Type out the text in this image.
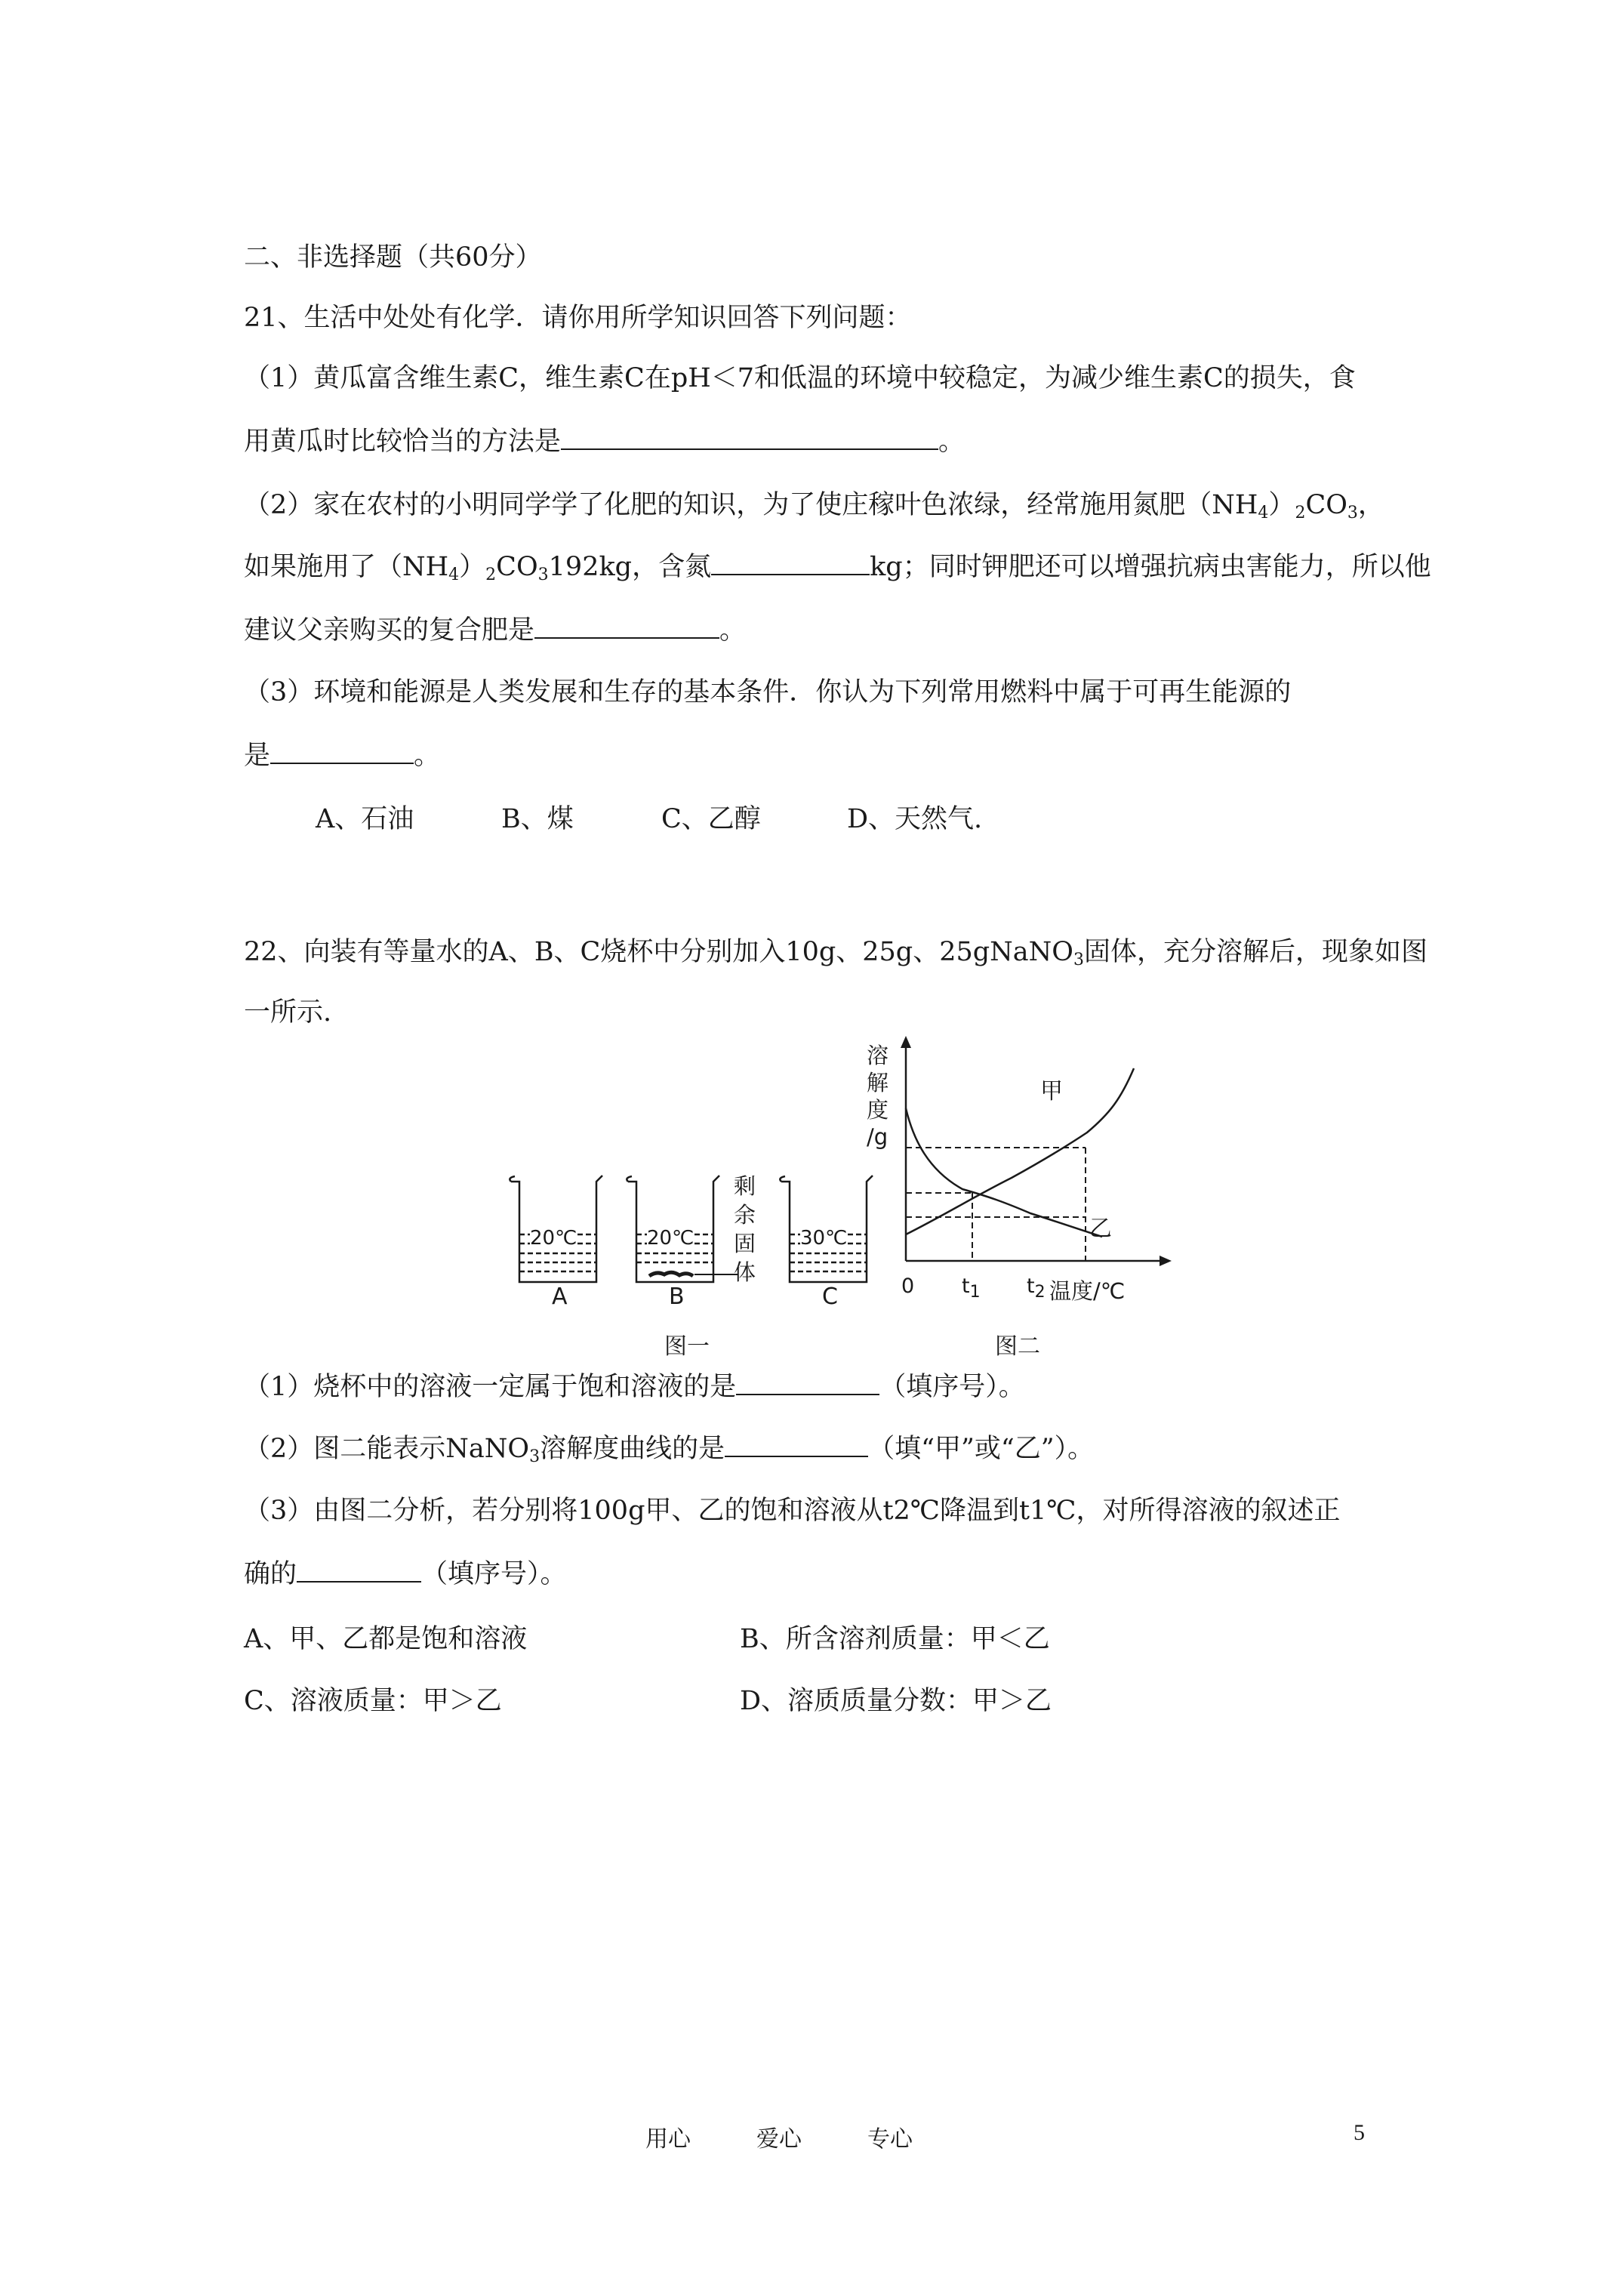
二、非选择题（共60分）
21、生活中处处有化学．请你用所学知识回答下列问题：
（1）黄瓜富含维生素C，维生素C在pH＜7和低温的环境中较稳定，为减少维生素C的损失，食
用黄瓜时比较恰当的方法是	。
（2）家在农村的小明同学学了化肥的知识，为了使庄稼叶色浓绿，经常施用氮肥$(NH_4)_2CO_3$，
如果施用了$(NH_4)_2CO_3192kg$，含氮	kg；同时钾肥还可以增强抗病虫害能力，所以他
建议父亲购买的复合肥是	。
（3）环境和能源是人类发展和生存的基本条件．你认为下列常用燃料中属于可再生能源的
是	。
A、石油	B、煤	C、乙醇	D、天然气.
22、向装有等量水的A、B、C烧杯中分别加入10g、25g、25gNaNO$_3$固体，充分溶解后，现象如图
一所示.
20℃	20℃	30℃
A	B	C
剩
余
固
体
图一
溶
解
度
/g
甲
乙
0 $t_1$ $t_2$ 温度/℃
图二
（1）烧杯中的溶液一定属于饱和溶液的是	（填序号）。
（2）图二能表示NaNO$_3$溶解度曲线的是	（填“甲”或“乙”）。
（3）由图二分析，若分别将100g甲、乙的饱和溶液从t2℃降温到t1℃，对所得溶液的叙述正
确的	（填序号）。
A、甲、乙都是饱和溶液	B、所含溶剂质量：甲＜乙
C、溶液质量：甲＞乙	D、溶质质量分数：甲＞乙
用心	爱心	专心	5
